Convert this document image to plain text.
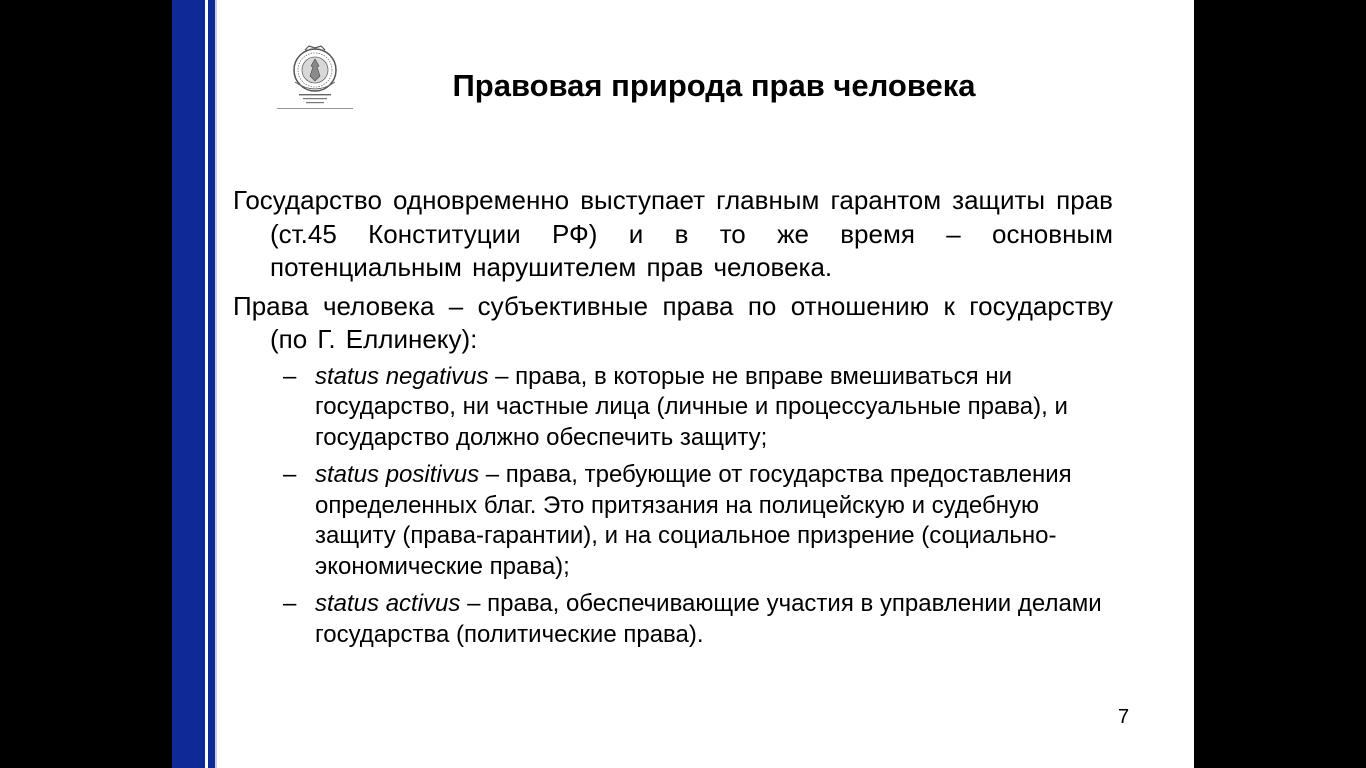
Правовая природа прав человека

Государство одновременно выступает главным гарантом защиты прав (ст.45 Конституции РФ) и в то же время – основным потенциальным нарушителем прав человека.

Права человека – субъективные права по отношению к государству (по Г. Еллинеку):

– status negativus – права, в которые не вправе вмешиваться ни государство, ни частные лица (личные и процессуальные права), и государство должно обеспечить защиту;
– status positivus – права, требующие от государства предоставления определенных благ. Это притязания на полицейскую и судебную защиту (права-гарантии), и на социальное призрение (социально-экономические права);
– status activus – права, обеспечивающие участия в управлении делами государства (политические права).
7
